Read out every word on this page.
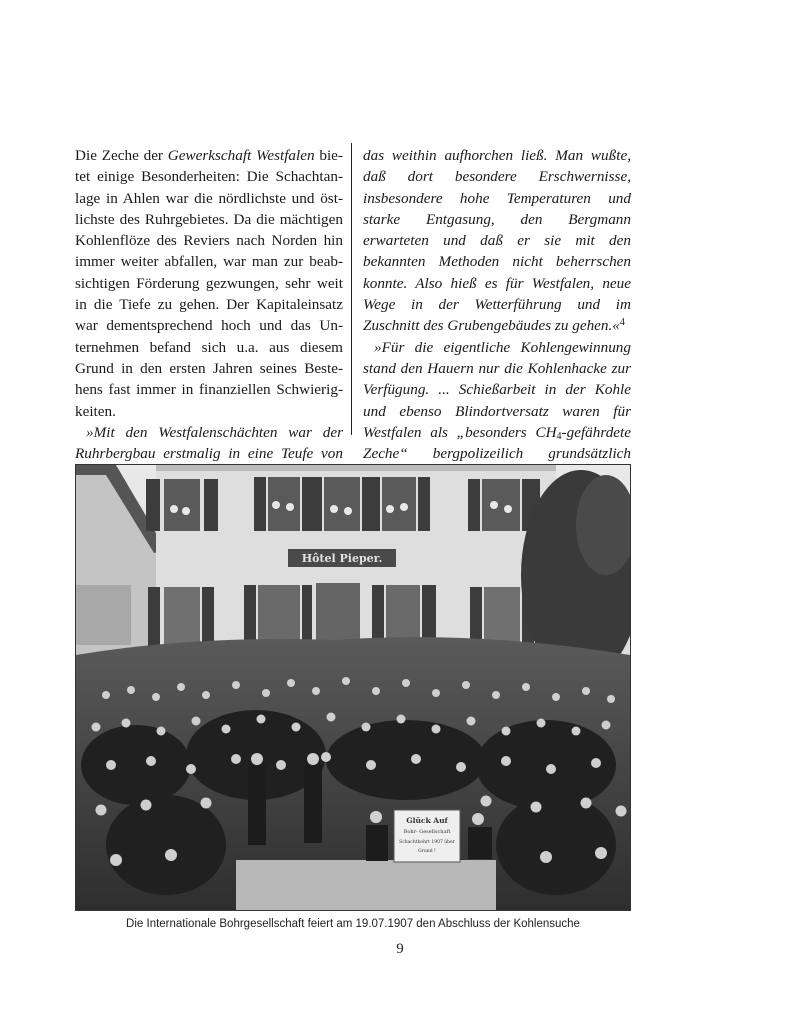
Die Zeche der Gewerkschaft Westfalen bietet einige Besonderheiten: Die Schachtanlage in Ahlen war die nördlichste und östlichste des Ruhrgebietes. Da die mächtigen Kohlenflöze des Reviers nach Norden hin immer weiter abfallen, war man zur beabsichtigen Förderung gezwungen, sehr weit in die Tiefe zu gehen. Der Kapitaleinsatz war dementsprechend hoch und das Unternehmen befand sich u.a. aus diesem Grund in den ersten Jahren seines Bestehens fast immer in finanziellen Schwierigkeiten.

»Mit den Westfalenschächten war der Ruhrbergbau erstmalig in eine Teufe von

das weithin aufhorchen ließ. Man wußte, daß dort besondere Erschwernisse, insbesondere hohe Temperaturen und starke Entgasung, den Bergmann erwarteten und daß er sie mit den bekannten Methoden nicht beherrschen konnte. Also hieß es für Westfalen, neue Wege in der Wetterführung und im Zuschnitt des Grubengebäudes zu gehen.«$^4$

»Für die eigentliche Kohlengewinnung stand den Hauern nur die Kohlenhacke zur Verfügung. ... Schießarbeit in der Kohle und ebenso Blindortversatz waren für Westfalen als „besonders $CH_4$-gefährdete Zeche“ bergpolizeilich grundsätzlich

Hôtel Pieper.
Glück Auf
Bohr- Gesellschaft
Schachtbohrt 1907 über
Grund !
Die Internationale Bohrgesellschaft feiert am 19.07.1907 den Abschluss der Kohlensuche
9
